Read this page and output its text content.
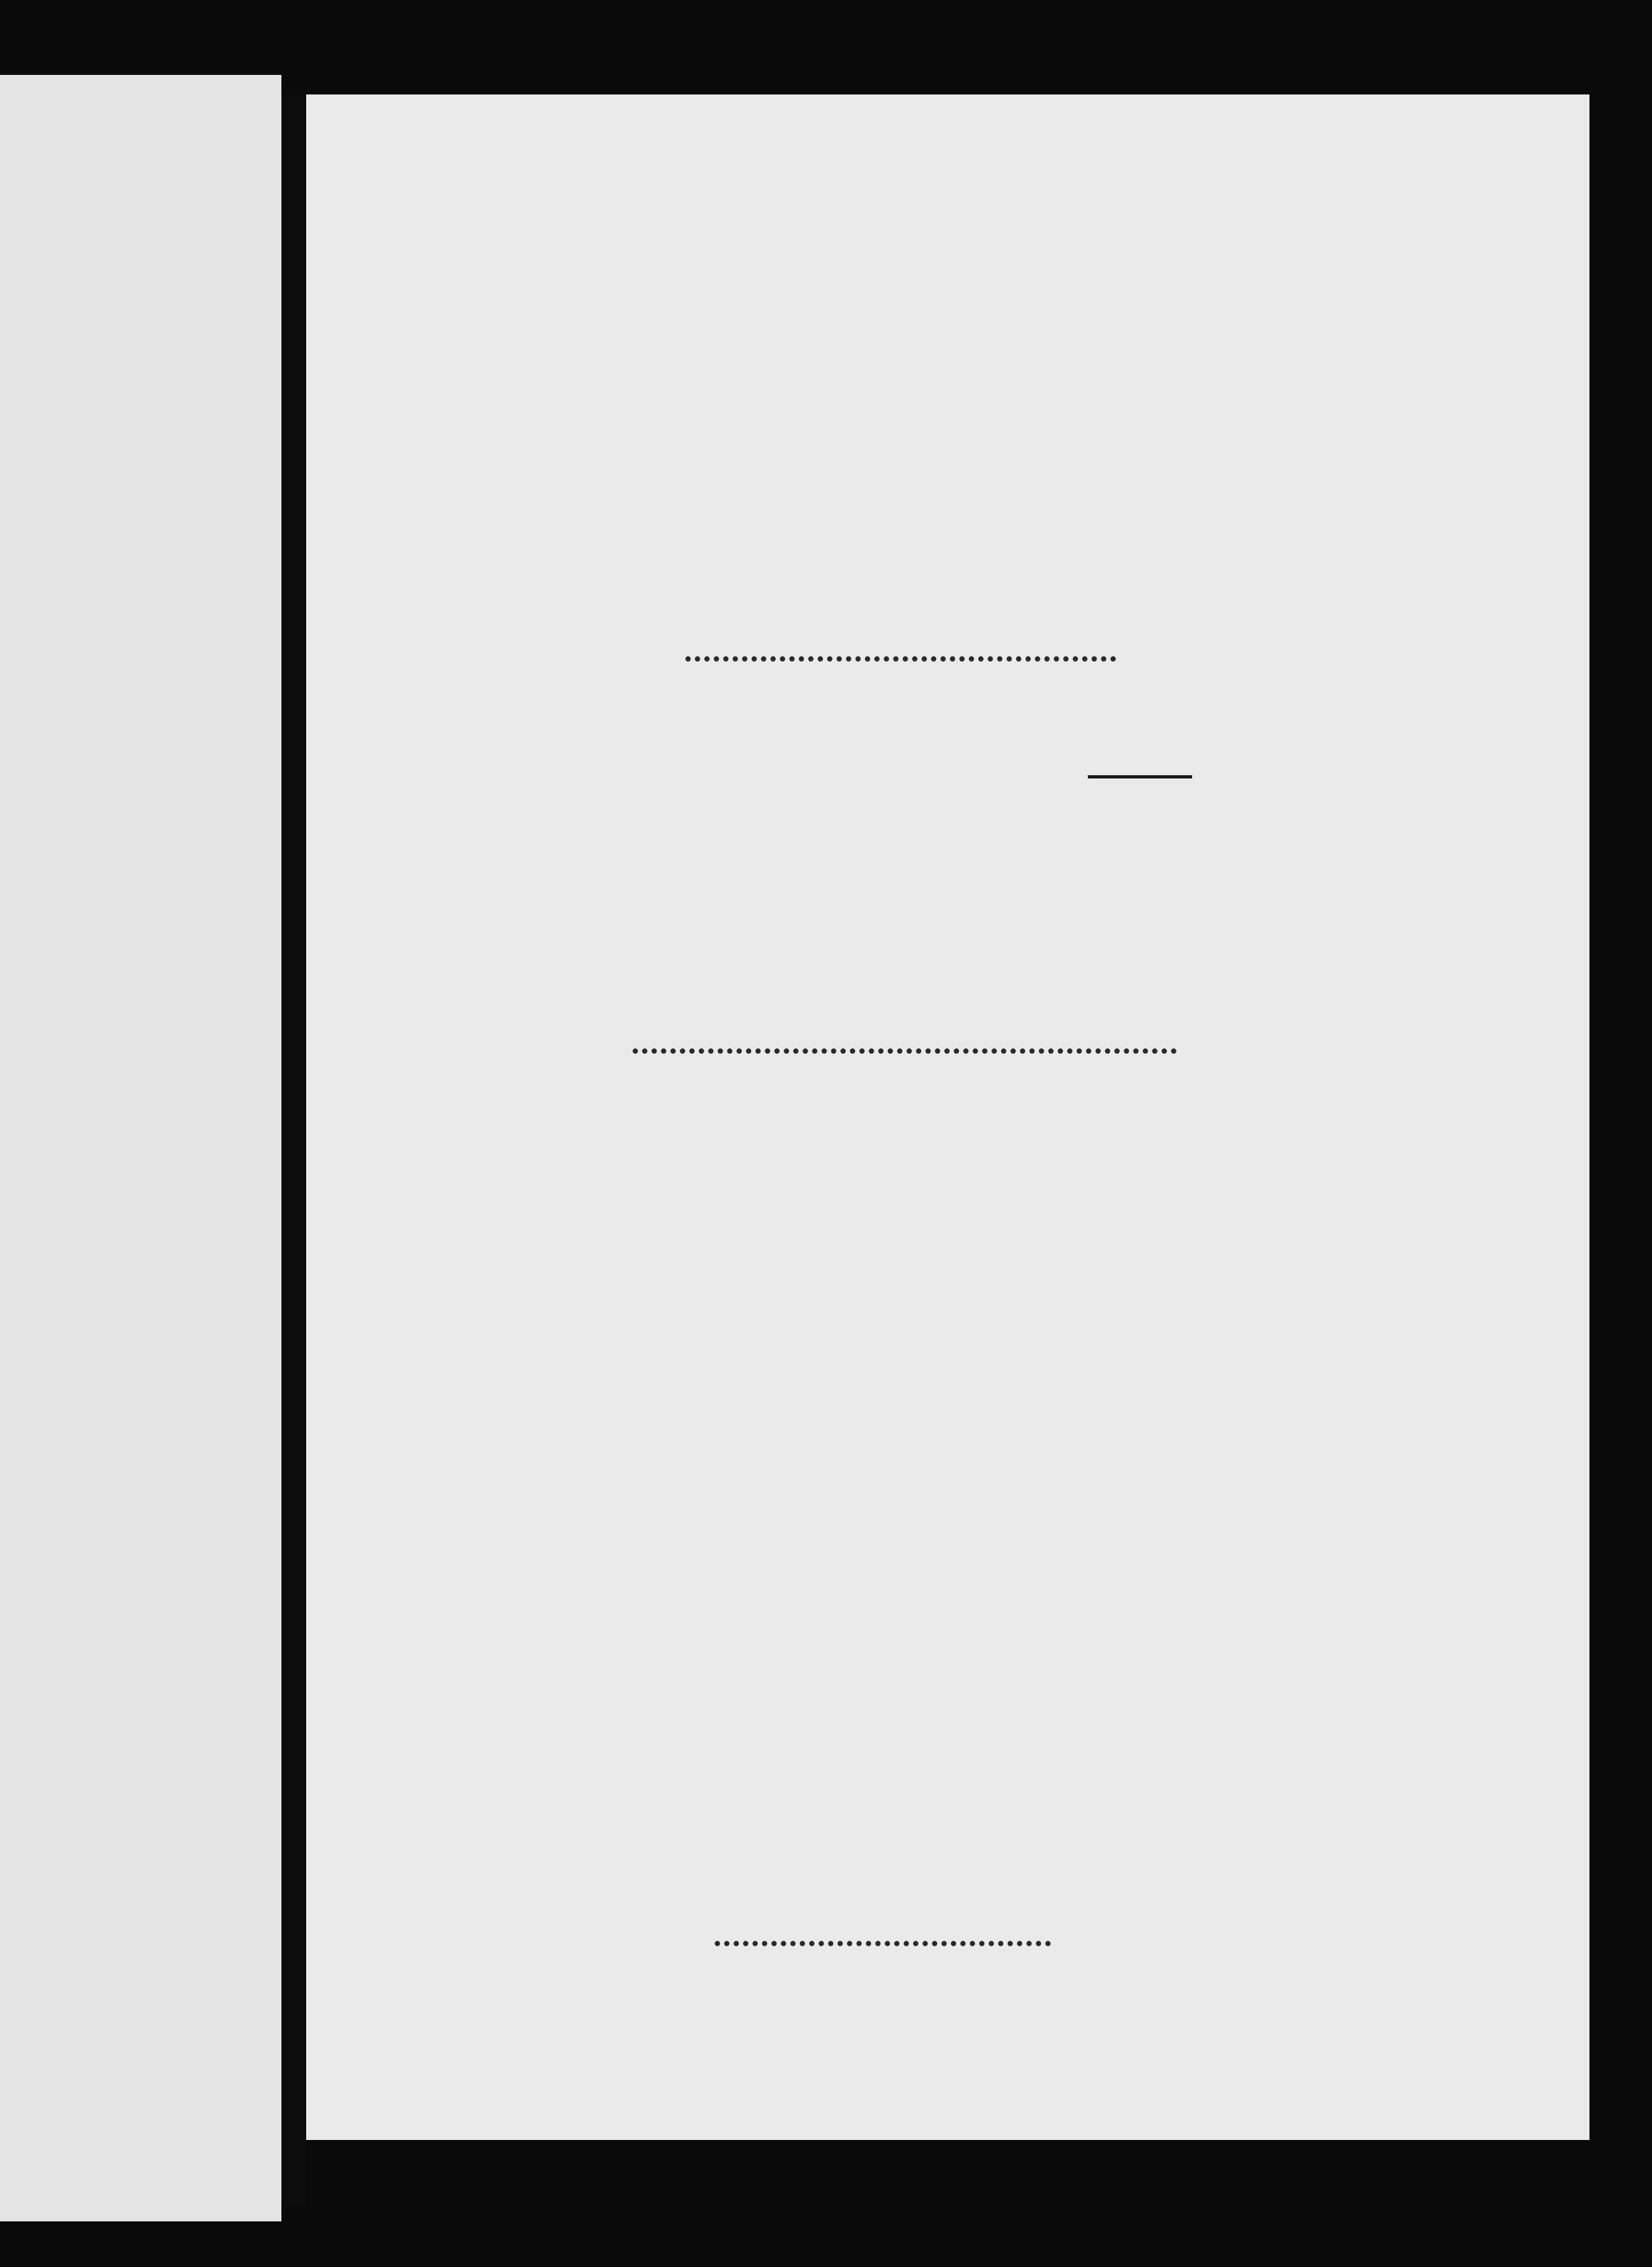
..............................................

..........................................................
....................................
